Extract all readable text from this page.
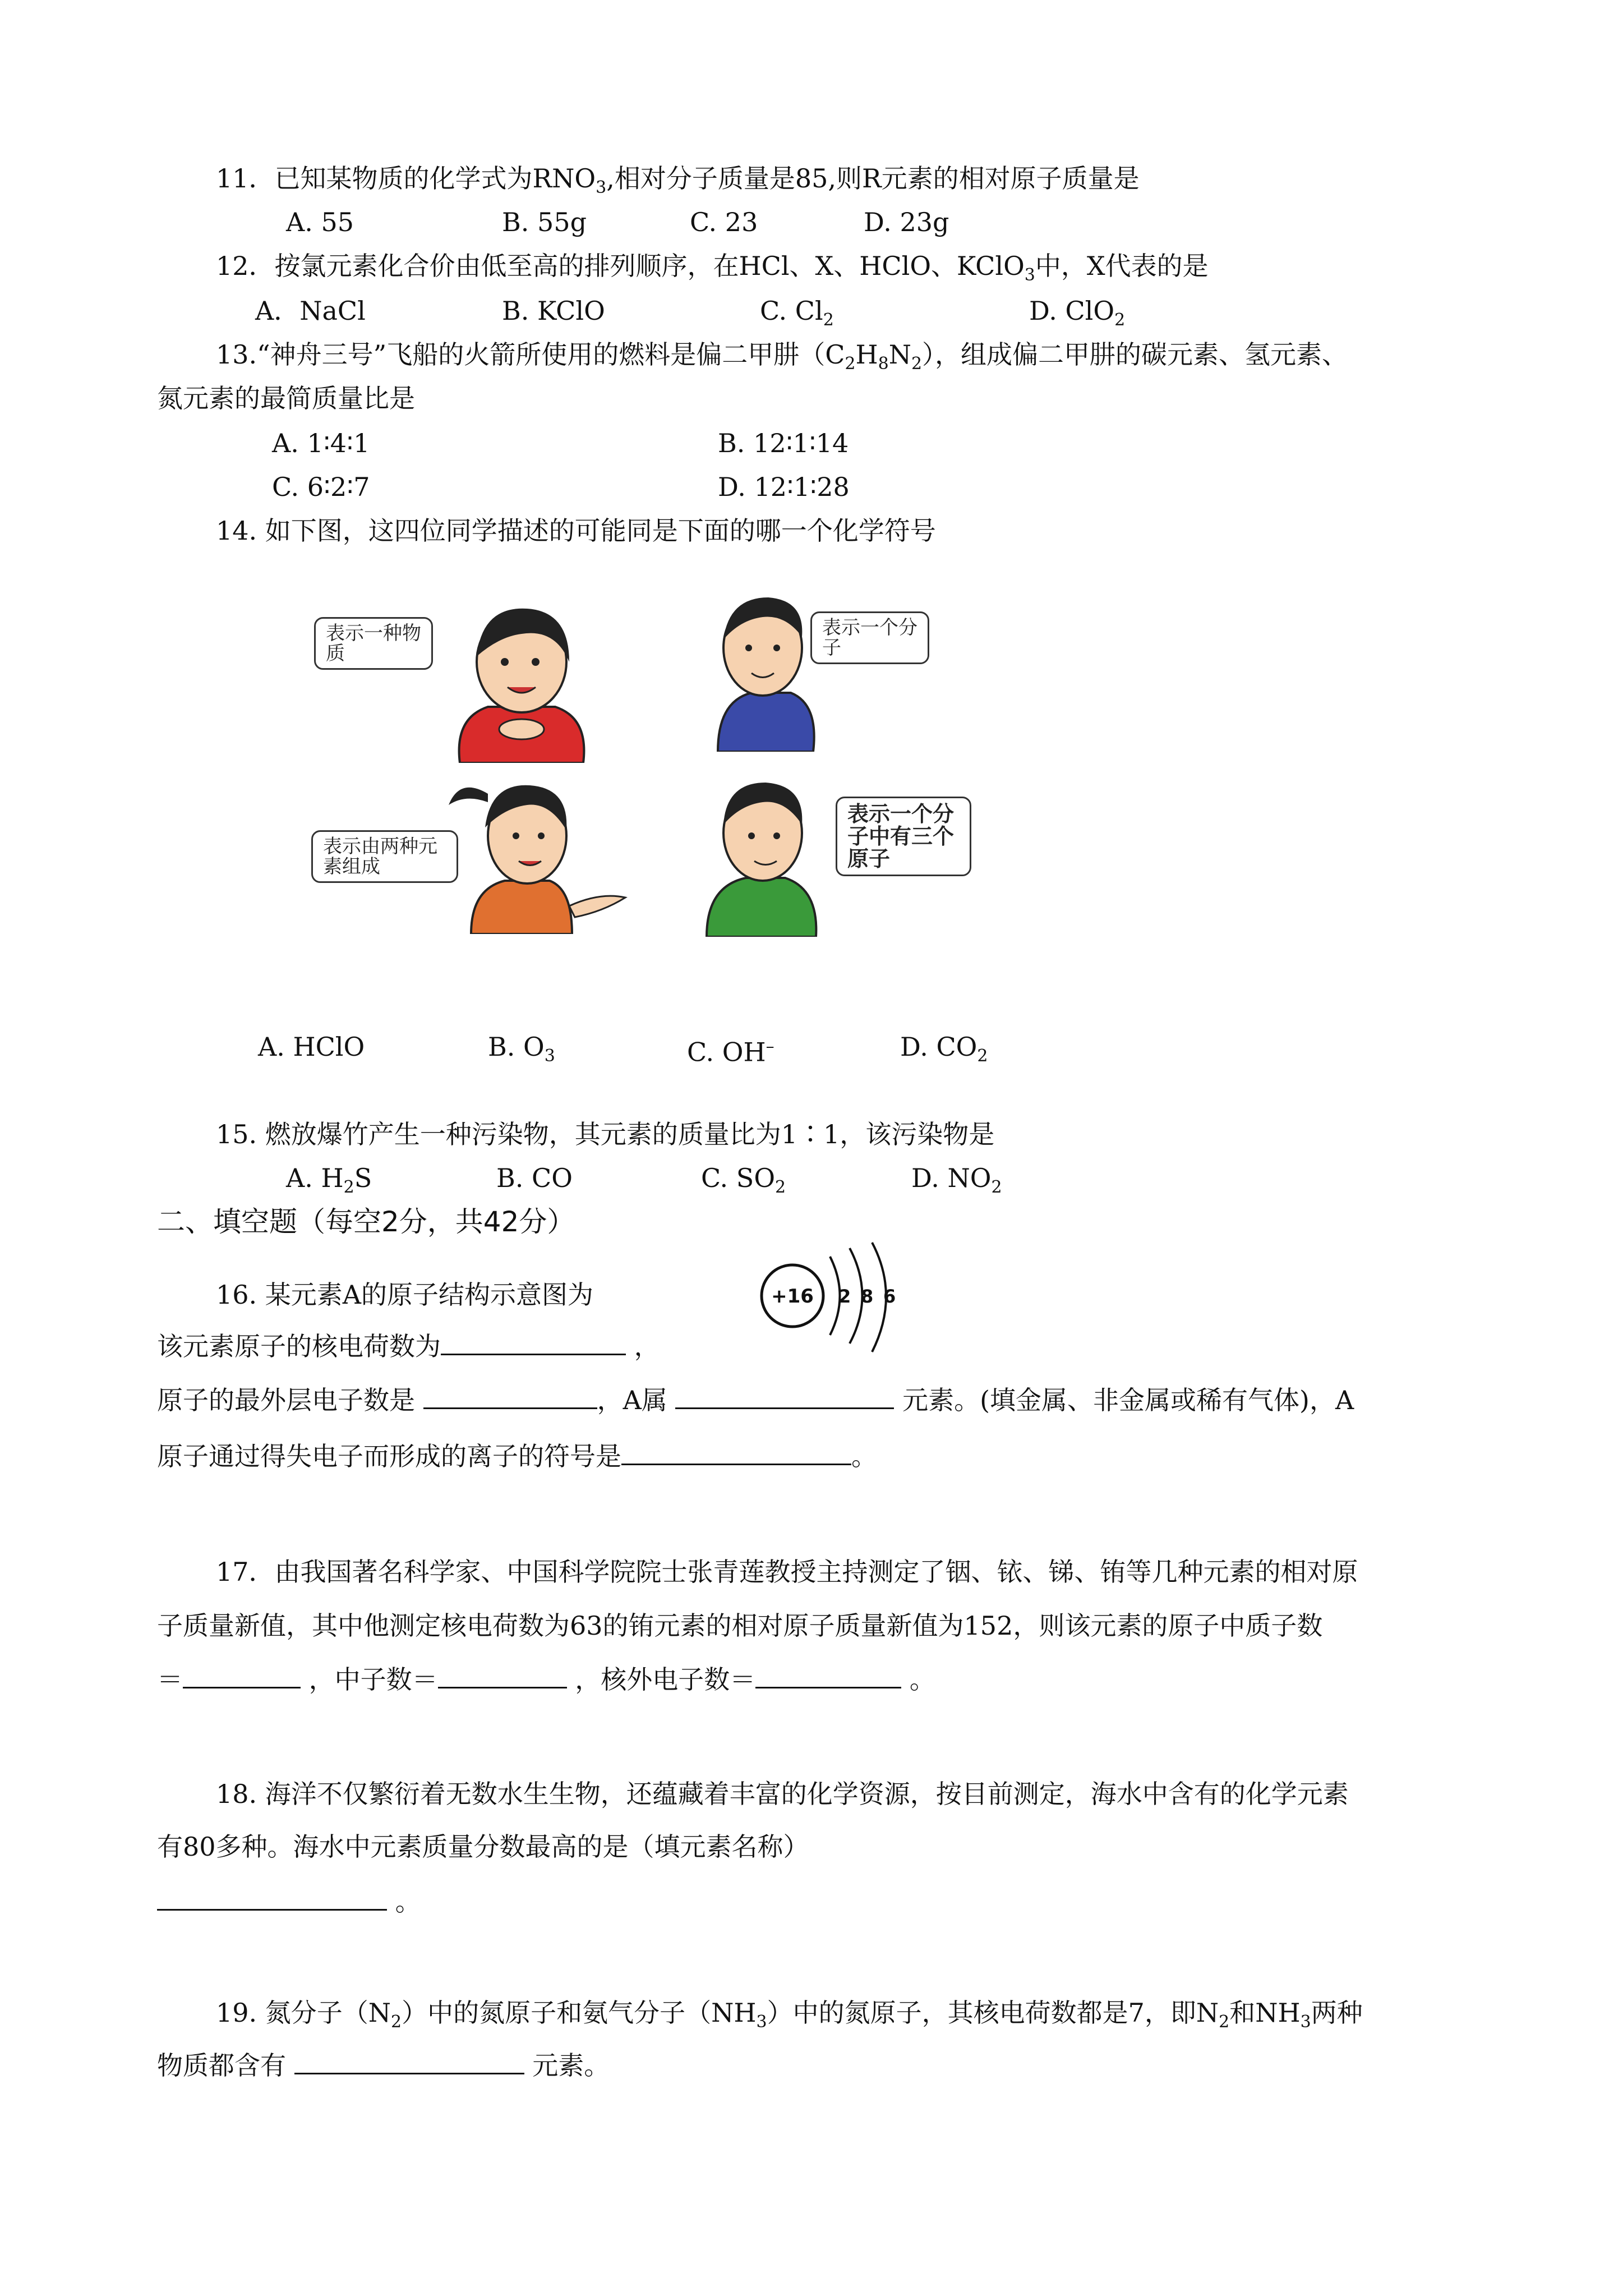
11．已知某物质的化学式为$RNO_3$,相对分子质量是85,则R元素的相对原子质量是
A. 55	B. 55g	C. 23	D. 23g
12．按氯元素化合价由低至高的排列顺序，在HCl、X、HClO、KClO$_3$中，X代表的是
A．NaCl	B. KClO	C. $Cl_2$	D. ClO$_2$
13.“神舟三号”飞船的火箭所使用的燃料是偏二甲肼$(C_2H_8N_2)$，组成偏二甲肼的碳元素、氢元素、
氮元素的最简质量比是
A. 1∶4∶1	B. 12∶1∶14
C. 6∶2∶7	D. 12∶1∶28
14. 如下图，这四位同学描述的可能同是下面的哪一个化学符号
表示一种物质
表示一个分子
表示由两种元素组成
表示一个分子中有三个原子
A. HClO	B. $O_3$	C. OH–	D. $CO_2$
15. 燃放爆竹产生一种污染物，其元素的质量比为1∶1，该污染物是
A. $H_2S$	B. CO	C. $SO_2$	D. $NO_2$
二、填空题（每空2分，共42分）
16. 某元素A的原子结构示意图为	+16 2 8 6
该元素原子的核电荷数为	，
原子的最外层电子数是	，A属	元素。(填金属、非金属或稀有气体)，A
原子通过得失电子而形成的离子的符号是	。
17．由我国著名科学家、中国科学院院士张青莲教授主持测定了铟、铱、锑、铕等几种元素的相对原
子质量新值，其中他测定核电荷数为63的铕元素的相对原子质量新值为152，则该元素的原子中质子数
＝	，中子数＝	，核外电子数＝	。
18. 海洋不仅繁衍着无数水生生物，还蕴藏着丰富的化学资源，按目前测定，海水中含有的化学元素
有80多种。海水中元素质量分数最高的是（填元素名称）
。
19. 氮分子$(N_2)$中的氮原子和氨气分子$(NH_3)$中的氮原子，其核电荷数都是7，即$N_2$和$NH_3$两种
物质都含有	元素。
